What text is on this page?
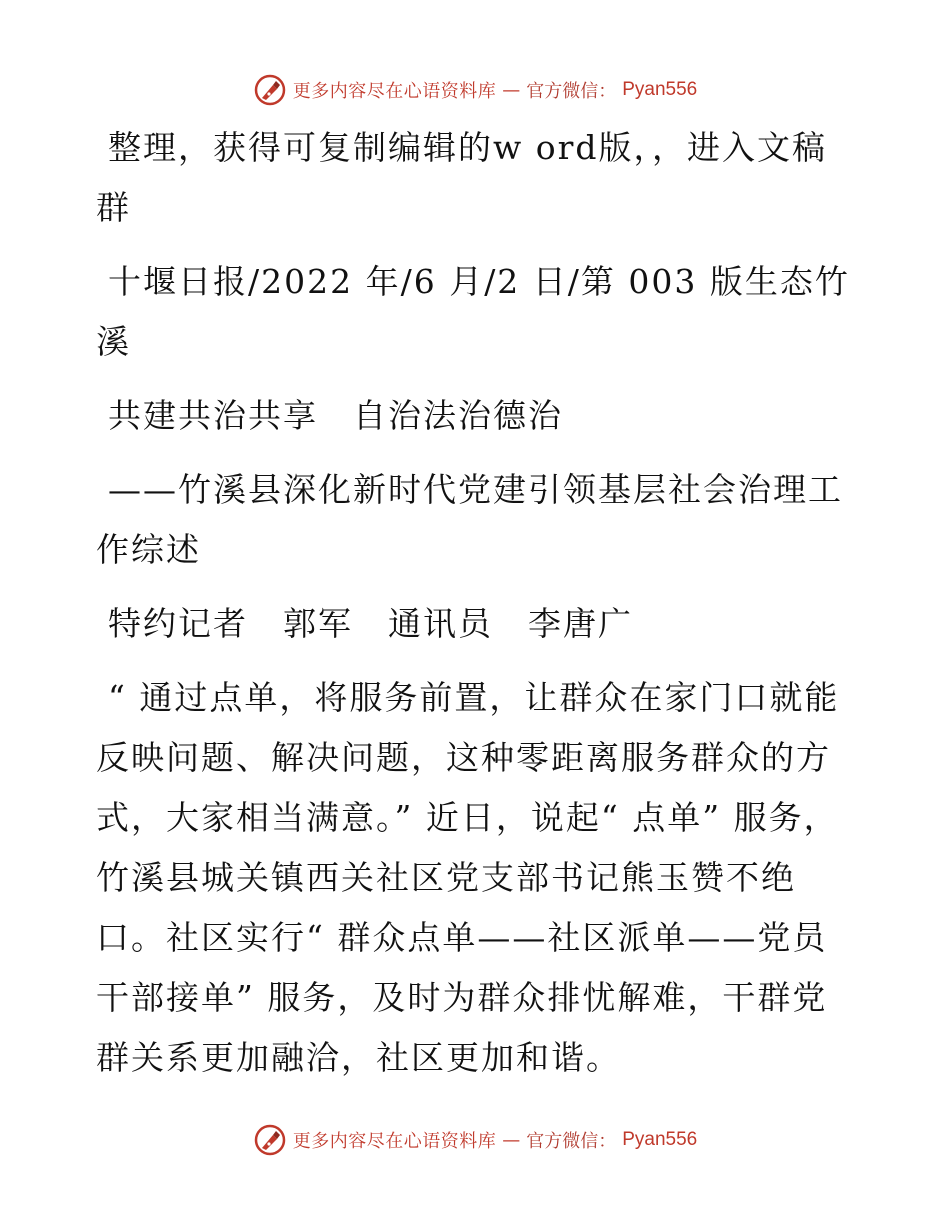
更多内容尽在心语资料库 — 官方微信： Pyan556

整理，获得可复制编辑的w ord版，，进入文稿群

十堰日报/2022 年/6 月/2 日/第 003 版生态竹溪

共建共治共享　自治法治德治

——竹溪县深化新时代党建引领基层社会治理工作综述

特约记者　郭军　通讯员　李唐广

“ 通过点单，将服务前置，让群众在家门口就能反映问题、解决问题，这种零距离服务群众的方式，大家相当满意。” 近日，说起“ 点单” 服务，竹溪县城关镇西关社区党支部书记熊玉赞不绝口。社区实行“ 群众点单——社区派单——党员干部接单” 服务，及时为群众排忧解难，干群党群关系更加融洽，社区更加和谐。

更多内容尽在心语资料库 — 官方微信： Pyan556
